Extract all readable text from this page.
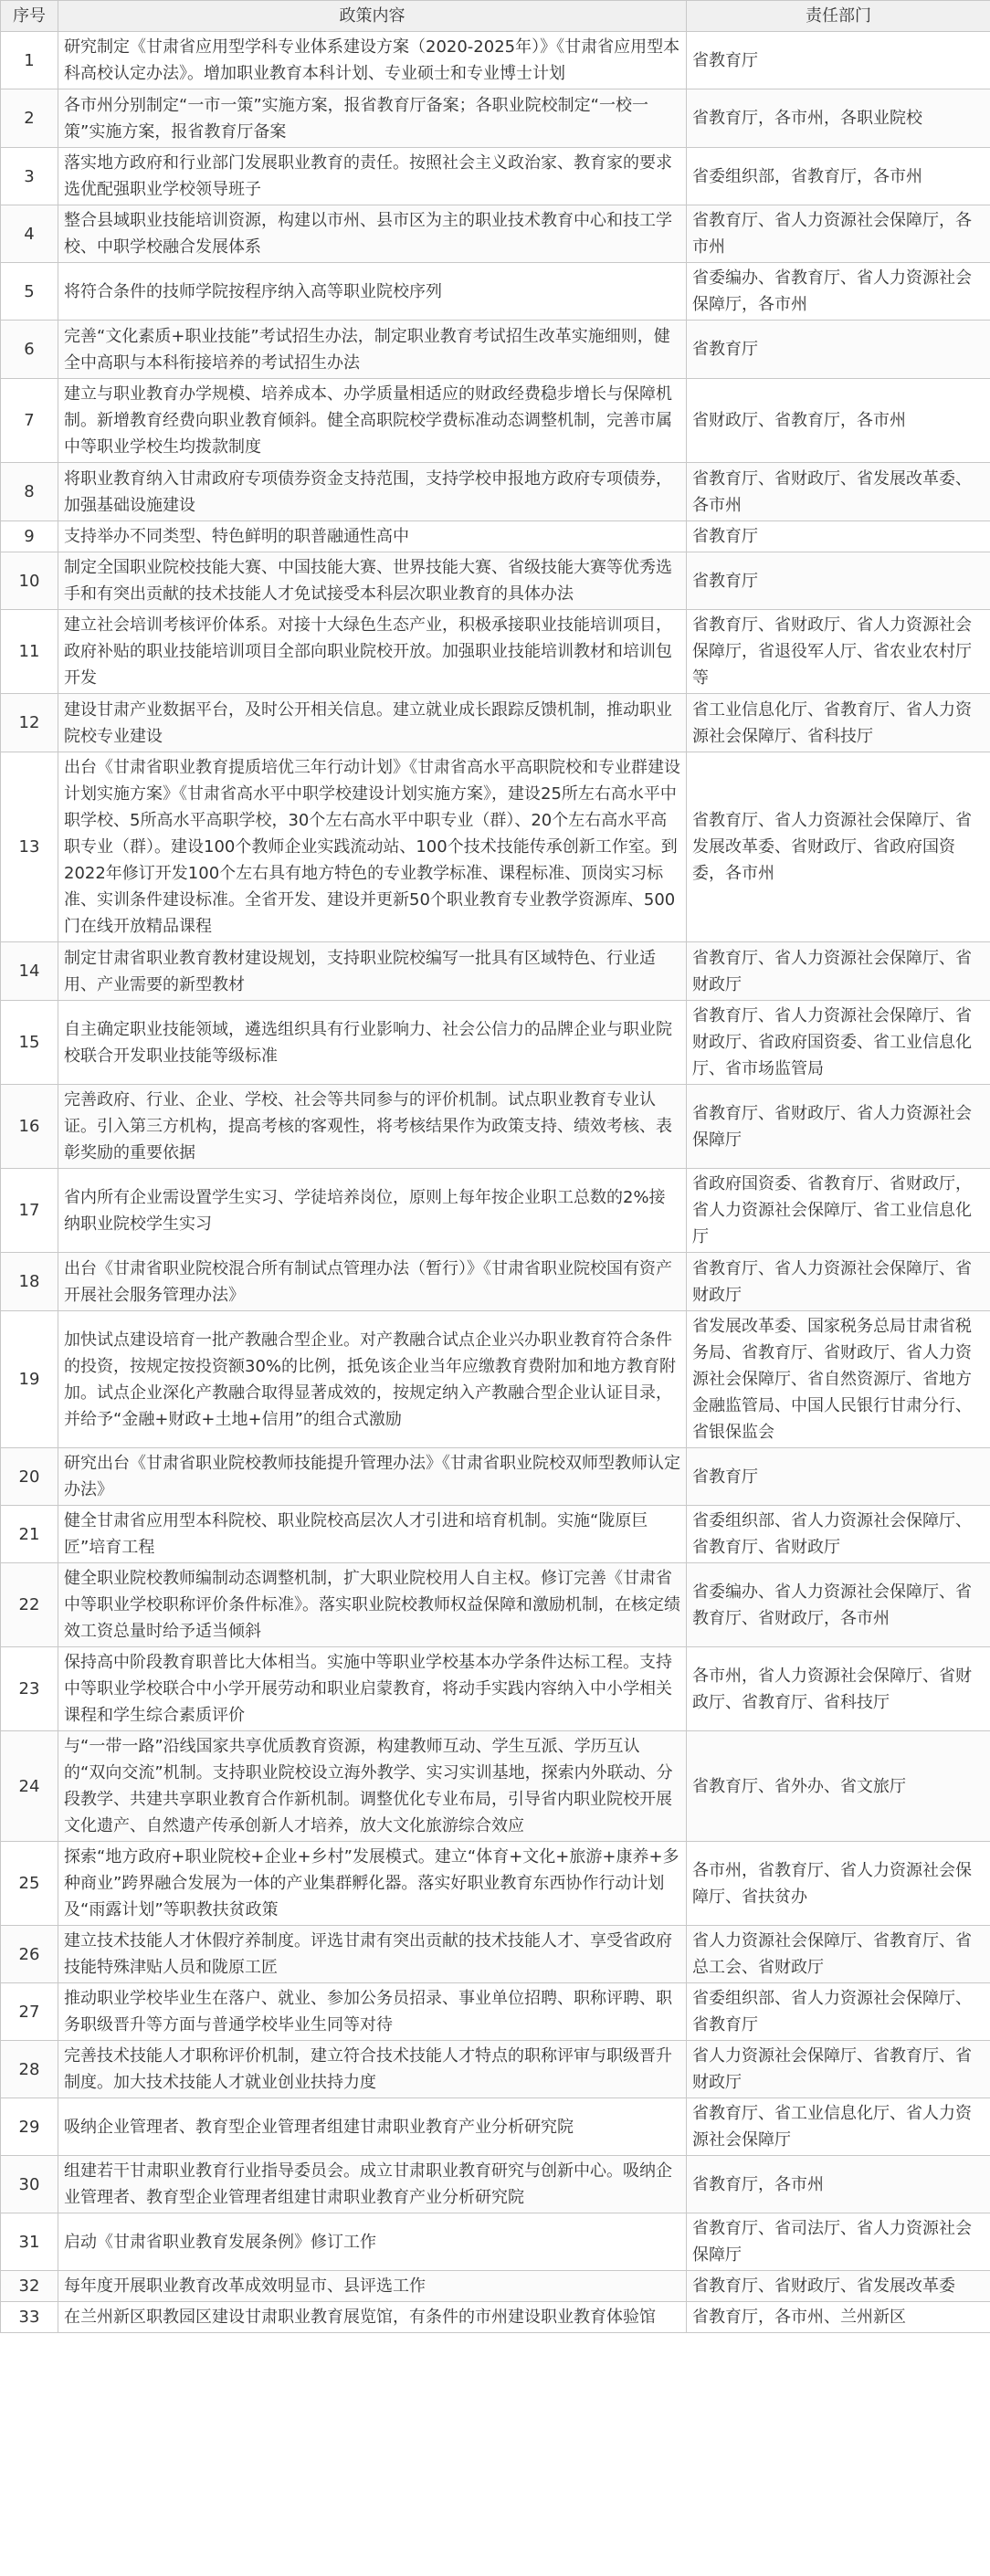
序号	政策内容	责任部门
1	研究制定《甘肃省应用型学科专业体系建设方案（2020-2025年）》《甘肃省应用型本科高校认定办法》。增加职业教育本科计划、专业硕士和专业博士计划	省教育厅
2	各市州分别制定“一市一策”实施方案，报省教育厅备案；各职业院校制定“一校一策”实施方案，报省教育厅备案	省教育厅，各市州，各职业院校
3	落实地方政府和行业部门发展职业教育的责任。按照社会主义政治家、教育家的要求选优配强职业学校领导班子	省委组织部，省教育厅，各市州
4	整合县域职业技能培训资源，构建以市州、县市区为主的职业技术教育中心和技工学校、中职学校融合发展体系	省教育厅、省人力资源社会保障厅，各市州
5	将符合条件的技师学院按程序纳入高等职业院校序列	省委编办、省教育厅、省人力资源社会保障厅，各市州
6	完善“文化素质+职业技能”考试招生办法，制定职业教育考试招生改革实施细则，健全中高职与本科衔接培养的考试招生办法	省教育厅
7	建立与职业教育办学规模、培养成本、办学质量相适应的财政经费稳步增长与保障机制。新增教育经费向职业教育倾斜。健全高职院校学费标准动态调整机制，完善市属中等职业学校生均拨款制度	省财政厅、省教育厅，各市州
8	将职业教育纳入甘肃政府专项债券资金支持范围，支持学校申报地方政府专项债券，加强基础设施建设	省教育厅、省财政厅、省发展改革委、各市州
9	支持举办不同类型、特色鲜明的职普融通性高中	省教育厅
10	制定全国职业院校技能大赛、中国技能大赛、世界技能大赛、省级技能大赛等优秀选手和有突出贡献的技术技能人才免试接受本科层次职业教育的具体办法	省教育厅
11	建立社会培训考核评价体系。对接十大绿色生态产业，积极承接职业技能培训项目，政府补贴的职业技能培训项目全部向职业院校开放。加强职业技能培训教材和培训包开发	省教育厅、省财政厅、省人力资源社会保障厅，省退役军人厅、省农业农村厅等
12	建设甘肃产业数据平台，及时公开相关信息。建立就业成长跟踪反馈机制，推动职业院校专业建设	省工业信息化厅、省教育厅、省人力资源社会保障厅、省科技厅
13	出台《甘肃省职业教育提质培优三年行动计划》《甘肃省高水平高职院校和专业群建设计划实施方案》《甘肃省高水平中职学校建设计划实施方案》，建设25所左右高水平中职学校、5所高水平高职学校，30个左右高水平中职专业（群）、20个左右高水平高职专业（群）。建设100个教师企业实践流动站、100个技术技能传承创新工作室。到2022年修订开发100个左右具有地方特色的专业教学标准、课程标准、顶岗实习标准、实训条件建设标准。全省开发、建设并更新50个职业教育专业教学资源库、500门在线开放精品课程	省教育厅、省人力资源社会保障厅、省发展改革委、省财政厅、省政府国资委，各市州
14	制定甘肃省职业教育教材建设规划，支持职业院校编写一批具有区域特色、行业适用、产业需要的新型教材	省教育厅、省人力资源社会保障厅、省财政厅
15	自主确定职业技能领域，遴选组织具有行业影响力、社会公信力的品牌企业与职业院校联合开发职业技能等级标准	省教育厅、省人力资源社会保障厅、省财政厅、省政府国资委、省工业信息化厅、省市场监管局
16	完善政府、行业、企业、学校、社会等共同参与的评价机制。试点职业教育专业认证。引入第三方机构，提高考核的客观性，将考核结果作为政策支持、绩效考核、表彰奖励的重要依据	省教育厅、省财政厅、省人力资源社会保障厅
17	省内所有企业需设置学生实习、学徒培养岗位，原则上每年按企业职工总数的2%接纳职业院校学生实习	省政府国资委、省教育厅、省财政厅，省人力资源社会保障厅、省工业信息化厅
18	出台《甘肃省职业院校混合所有制试点管理办法（暂行）》《甘肃省职业院校国有资产开展社会服务管理办法》	省教育厅、省人力资源社会保障厅、省财政厅
19	加快试点建设培育一批产教融合型企业。对产教融合试点企业兴办职业教育符合条件的投资，按规定按投资额30%的比例，抵免该企业当年应缴教育费附加和地方教育附加。试点企业深化产教融合取得显著成效的，按规定纳入产教融合型企业认证目录，并给予“金融+财政+土地+信用”的组合式激励	省发展改革委、国家税务总局甘肃省税务局、省教育厅、省财政厅、省人力资源社会保障厅、省自然资源厅、省地方金融监管局、中国人民银行甘肃分行、省银保监会
20	研究出台《甘肃省职业院校教师技能提升管理办法》《甘肃省职业院校双师型教师认定办法》	省教育厅
21	健全甘肃省应用型本科院校、职业院校高层次人才引进和培育机制。实施“陇原巨匠”培育工程	省委组织部、省人力资源社会保障厅、省教育厅、省财政厅
22	健全职业院校教师编制动态调整机制，扩大职业院校用人自主权。修订完善《甘肃省中等职业学校职称评价条件标准》。落实职业院校教师权益保障和激励机制，在核定绩效工资总量时给予适当倾斜	省委编办、省人力资源社会保障厅、省教育厅、省财政厅，各市州
23	保持高中阶段教育职普比大体相当。实施中等职业学校基本办学条件达标工程。支持中等职业学校联合中小学开展劳动和职业启蒙教育，将动手实践内容纳入中小学相关课程和学生综合素质评价	各市州，省人力资源社会保障厅、省财政厅、省教育厅、省科技厅
24	与“一带一路”沿线国家共享优质教育资源，构建教师互动、学生互派、学历互认的“双向交流”机制。支持职业院校设立海外教学、实习实训基地，探索内外联动、分段教学、共建共享职业教育合作新机制。调整优化专业布局，引导省内职业院校开展文化遗产、自然遗产传承创新人才培养，放大文化旅游综合效应	省教育厅、省外办、省文旅厅
25	探索“地方政府+职业院校+企业+乡村”发展模式。建立“体育+文化+旅游+康养+多种商业”跨界融合发展为一体的产业集群孵化器。落实好职业教育东西协作行动计划及“雨露计划”等职教扶贫政策	各市州，省教育厅、省人力资源社会保障厅、省扶贫办
26	建立技术技能人才休假疗养制度。评选甘肃有突出贡献的技术技能人才、享受省政府技能特殊津贴人员和陇原工匠	省人力资源社会保障厅、省教育厅、省总工会、省财政厅
27	推动职业学校毕业生在落户、就业、参加公务员招录、事业单位招聘、职称评聘、职务职级晋升等方面与普通学校毕业生同等对待	省委组织部、省人力资源社会保障厅、省教育厅
28	完善技术技能人才职称评价机制，建立符合技术技能人才特点的职称评审与职级晋升制度。加大技术技能人才就业创业扶持力度	省人力资源社会保障厅、省教育厅、省财政厅
29	吸纳企业管理者、教育型企业管理者组建甘肃职业教育产业分析研究院	省教育厅、省工业信息化厅、省人力资源社会保障厅
30	组建若干甘肃职业教育行业指导委员会。成立甘肃职业教育研究与创新中心。吸纳企业管理者、教育型企业管理者组建甘肃职业教育产业分析研究院	省教育厅，各市州
31	启动《甘肃省职业教育发展条例》修订工作	省教育厅、省司法厅、省人力资源社会保障厅
32	每年度开展职业教育改革成效明显市、县评选工作	省教育厅、省财政厅、省发展改革委
33	在兰州新区职教园区建设甘肃职业教育展览馆，有条件的市州建设职业教育体验馆	省教育厅，各市州、兰州新区
